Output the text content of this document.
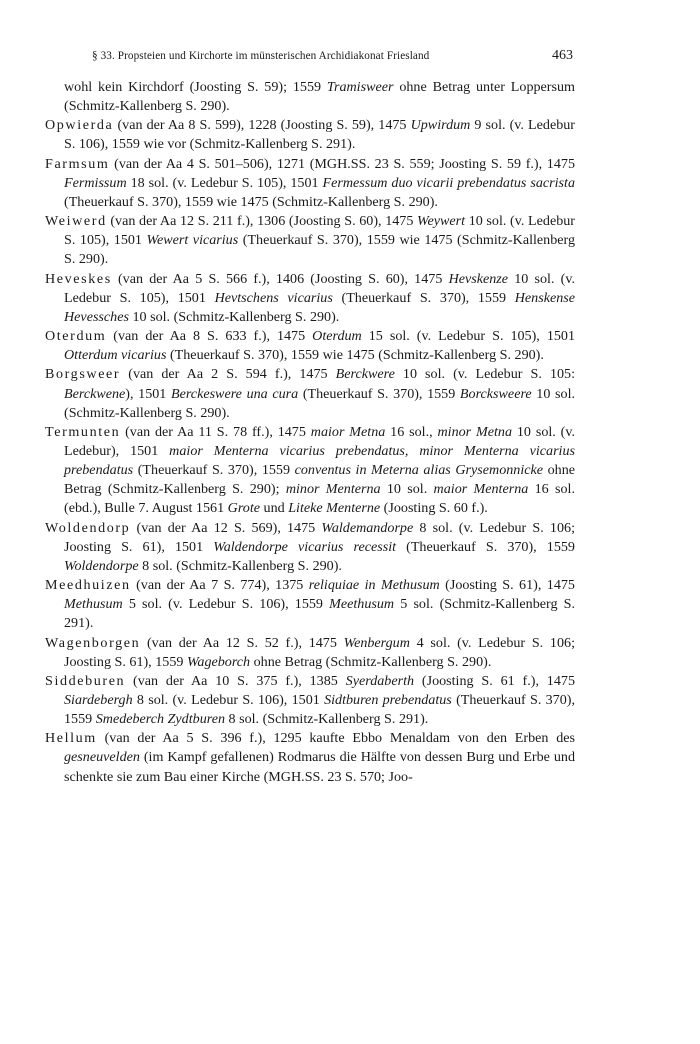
§ 33. Propsteien und Kirchorte im münsterischen Archidiakonat Friesland	463

wohl kein Kirchdorf (Joosting S. 59); 1559 Tramisweer ohne Betrag unter Loppersum (Schmitz-Kallenberg S. 290).

Opwierda (van der Aa 8 S. 599), 1228 (Joosting S. 59), 1475 Upwirdum 9 sol. (v. Ledebur S. 106), 1559 wie vor (Schmitz-Kallenberg S. 291).

Farmsum (van der Aa 4 S. 501–506), 1271 (MGH.SS. 23 S. 559; Joosting S. 59 f.), 1475 Fermissum 18 sol. (v. Ledebur S. 105), 1501 Fermessum duo vicarii prebendatus sacrista (Theuerkauf S. 370), 1559 wie 1475 (Schmitz-Kallenberg S. 290).

Weiwerd (van der Aa 12 S. 211 f.), 1306 (Joosting S. 60), 1475 Weywert 10 sol. (v. Ledebur S. 105), 1501 Wewert vicarius (Theuerkauf S. 370), 1559 wie 1475 (Schmitz-Kallenberg S. 290).

Heveskes (van der Aa 5 S. 566 f.), 1406 (Joosting S. 60), 1475 Hevskenze 10 sol. (v. Ledebur S. 105), 1501 Hevtschens vicarius (Theuerkauf S. 370), 1559 Henskense Hevessches 10 sol. (Schmitz-Kallenberg S. 290).

Oterdum (van der Aa 8 S. 633 f.), 1475 Oterdum 15 sol. (v. Ledebur S. 105), 1501 Otterdum vicarius (Theuerkauf S. 370), 1559 wie 1475 (Schmitz-Kallenberg S. 290).

Borgsweer (van der Aa 2 S. 594 f.), 1475 Berckwere 10 sol. (v. Ledebur S. 105: Berckwene), 1501 Berckeswere una cura (Theuerkauf S. 370), 1559 Borcksweere 10 sol. (Schmitz-Kallenberg S. 290).

Termunten (van der Aa 11 S. 78 ff.), 1475 maior Metna 16 sol., minor Metna 10 sol. (v. Ledebur), 1501 maior Menterna vicarius prebendatus, minor Menterna vicarius prebendatus (Theuerkauf S. 370), 1559 conventus in Meterna alias Grysemonnicke ohne Betrag (Schmitz-Kallenberg S. 290); minor Menterna 10 sol. maior Menterna 16 sol. (ebd.), Bulle 7. August 1561 Grote und Liteke Menterne (Joosting S. 60 f.).

Woldendorp (van der Aa 12 S. 569), 1475 Waldemandorpe 8 sol. (v. Ledebur S. 106; Joosting S. 61), 1501 Waldendorpe vicarius recessit (Theuerkauf S. 370), 1559 Woldendorpe 8 sol. (Schmitz-Kallenberg S. 290).

Meedhuizen (van der Aa 7 S. 774), 1375 reliquiae in Methusum (Joosting S. 61), 1475 Methusum 5 sol. (v. Ledebur S. 106), 1559 Meethusum 5 sol. (Schmitz-Kallenberg S. 291).

Wagenborgen (van der Aa 12 S. 52 f.), 1475 Wenbergum 4 sol. (v. Ledebur S. 106; Joosting S. 61), 1559 Wageborch ohne Betrag (Schmitz-Kallenberg S. 290).

Siddeburen (van der Aa 10 S. 375 f.), 1385 Syerdaberth (Joosting S. 61 f.), 1475 Siardebergh 8 sol. (v. Ledebur S. 106), 1501 Sidtburen prebendatus (Theuerkauf S. 370), 1559 Smedeberch Zydtburen 8 sol. (Schmitz-Kallenberg S. 291).

Hellum (van der Aa 5 S. 396 f.), 1295 kaufte Ebbo Menaldam von den Erben des gesneuvelden (im Kampf gefallenen) Rodmarus die Hälfte von dessen Burg und Erbe und schenkte sie zum Bau einer Kirche (MGH.SS. 23 S. 570; Joo-
